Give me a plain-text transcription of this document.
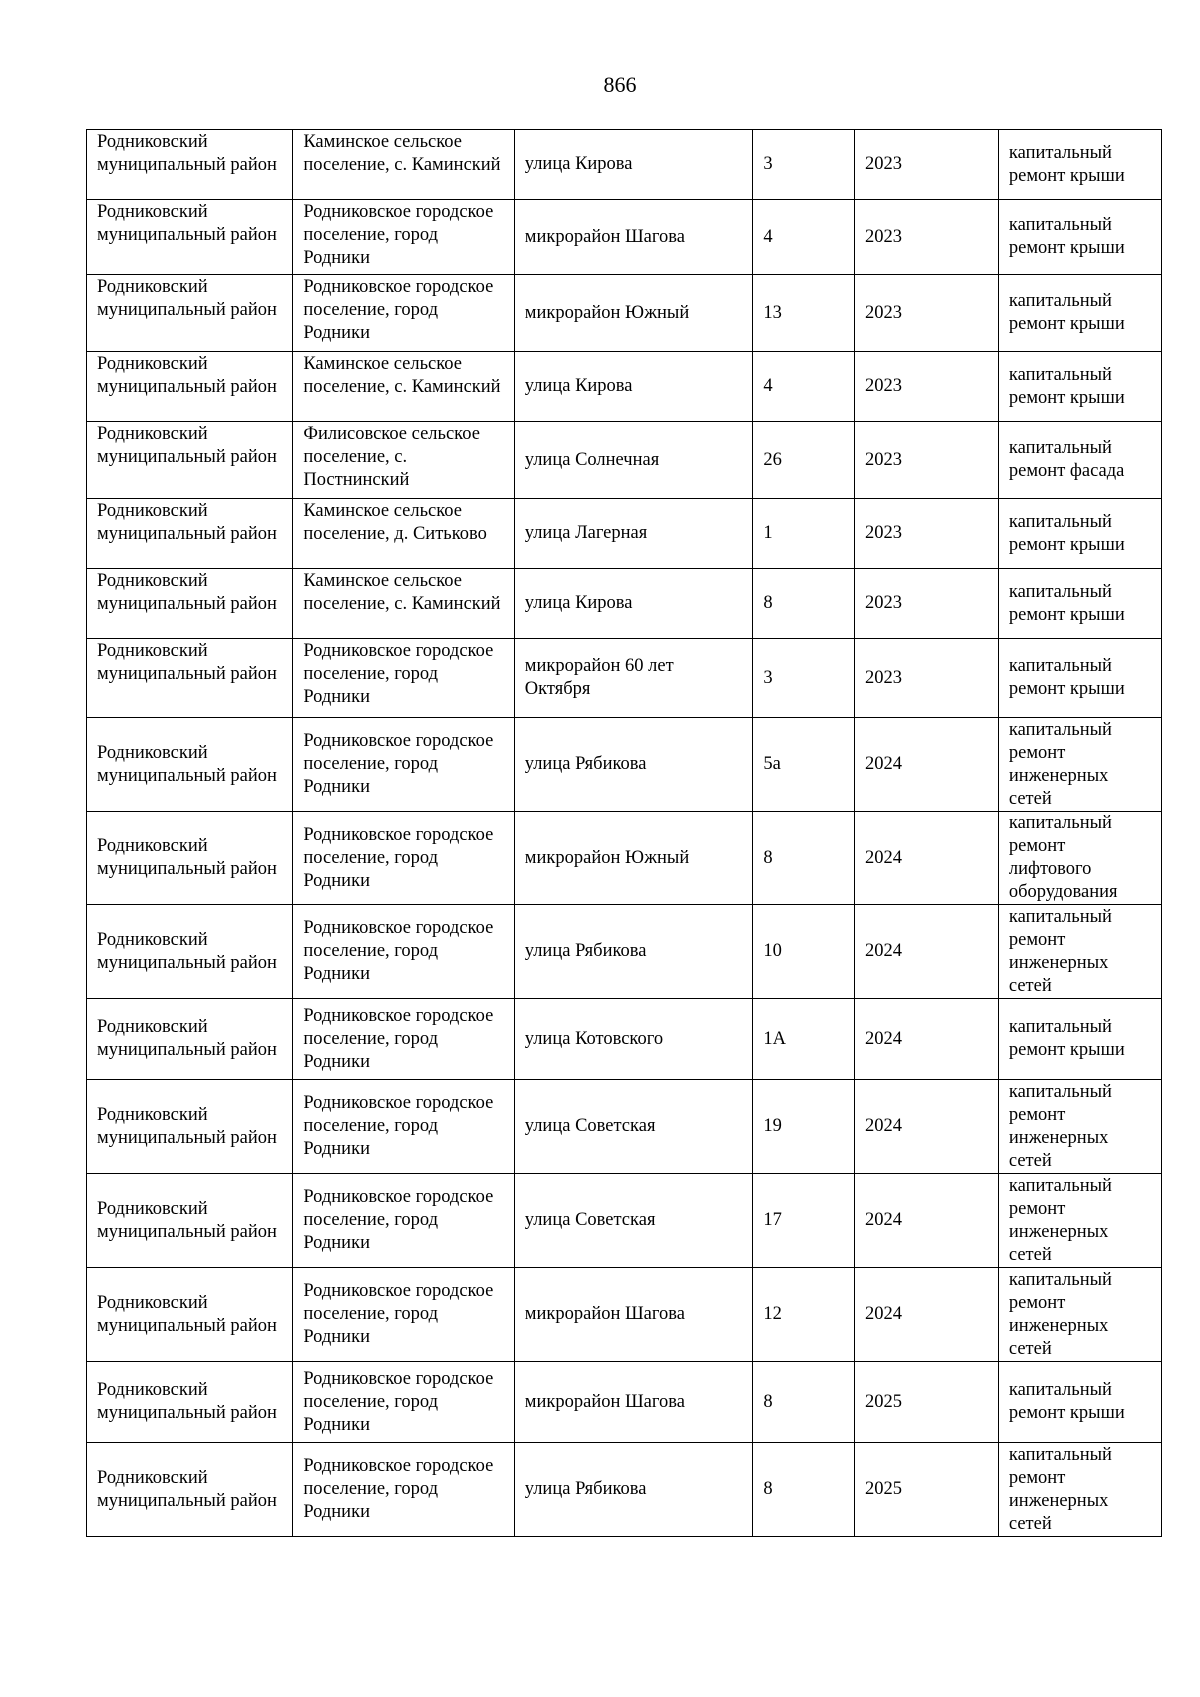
866
Родниковский муниципальный район	Каминское сельское поселение, с. Каминский	улица Кирова	3	2023	капитальный ремонт крыши
Родниковский муниципальный район	Родниковское городское поселение, город Родники	микрорайон Шагова	4	2023	капитальный ремонт крыши
Родниковский муниципальный район	Родниковское городское поселение, город Родники	микрорайон Южный	13	2023	капитальный ремонт крыши
Родниковский муниципальный район	Каминское сельское поселение, с. Каминский	улица Кирова	4	2023	капитальный ремонт крыши
Родниковский муниципальный район	Филисовское сельское поселение, с. Постнинский	улица Солнечная	26	2023	капитальный ремонт фасада
Родниковский муниципальный район	Каминское сельское поселение, д. Ситьково	улица Лагерная	1	2023	капитальный ремонт крыши
Родниковский муниципальный район	Каминское сельское поселение, с. Каминский	улица Кирова	8	2023	капитальный ремонт крыши
Родниковский муниципальный район	Родниковское городское поселение, город Родники	микрорайон 60 лет Октября	3	2023	капитальный ремонт крыши
Родниковский муниципальный район	Родниковское городское поселение, город Родники	улица Рябикова	5а	2024	капитальный ремонт инженерных сетей
Родниковский муниципальный район	Родниковское городское поселение, город Родники	микрорайон Южный	8	2024	капитальный ремонт лифтового оборудования
Родниковский муниципальный район	Родниковское городское поселение, город Родники	улица Рябикова	10	2024	капитальный ремонт инженерных сетей
Родниковский муниципальный район	Родниковское городское поселение, город Родники	улица Котовского	1А	2024	капитальный ремонт крыши
Родниковский муниципальный район	Родниковское городское поселение, город Родники	улица Советская	19	2024	капитальный ремонт инженерных сетей
Родниковский муниципальный район	Родниковское городское поселение, город Родники	улица Советская	17	2024	капитальный ремонт инженерных сетей
Родниковский муниципальный район	Родниковское городское поселение, город Родники	микрорайон Шагова	12	2024	капитальный ремонт инженерных сетей
Родниковский муниципальный район	Родниковское городское поселение, город Родники	микрорайон Шагова	8	2025	капитальный ремонт крыши
Родниковский муниципальный район	Родниковское городское поселение, город Родники	улица Рябикова	8	2025	капитальный ремонт инженерных сетей
